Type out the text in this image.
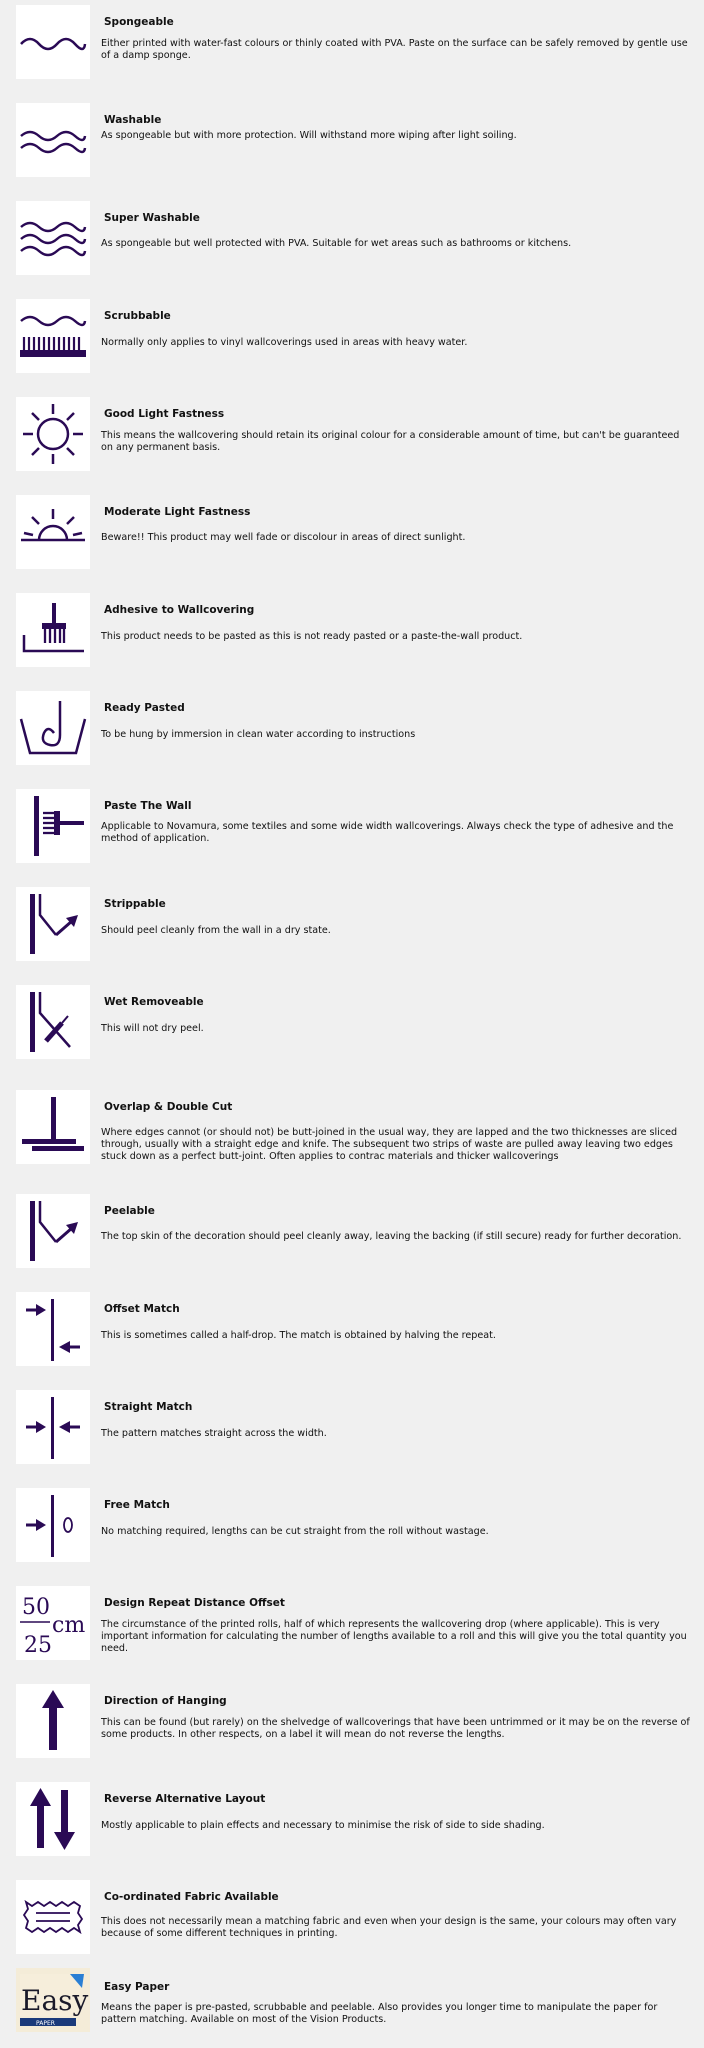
Spongeable
Either printed with water-fast colours or thinly coated with PVA. Paste on the surface can be safely removed by gentle use of a damp sponge.
Washable
As spongeable but with more protection. Will withstand more wiping after light soiling.
Super Washable
As spongeable but well protected with PVA. Suitable for wet areas such as bathrooms or kitchens.
Scrubbable
Normally only applies to vinyl wallcoverings used in areas with heavy water.
Good Light Fastness
This means the wallcovering should retain its original colour for a considerable amount of time, but can't be guaranteed on any permanent basis.
Moderate Light Fastness
Beware!! This product may well fade or discolour in areas of direct sunlight.
Adhesive to Wallcovering
This product needs to be pasted as this is not ready pasted or a paste-the-wall product.
Ready Pasted
To be hung by immersion in clean water according to instructions
Paste The Wall
Applicable to Novamura, some textiles and some wide width wallcoverings. Always check the type of adhesive and the method of application.
Strippable
Should peel cleanly from the wall in a dry state.
Wet Removeable
This will not dry peel.
Overlap & Double Cut
Where edges cannot (or should not) be butt-joined in the usual way, they are lapped and the two thicknesses are sliced through, usually with a straight edge and knife. The subsequent two strips of waste are pulled away leaving two edges stuck down as a perfect butt-joint. Often applies to contrac materials and thicker wallcoverings
Peelable
The top skin of the decoration should peel cleanly away, leaving the backing (if still secure) ready for further decoration.
Offset Match
This is sometimes called a half-drop. The match is obtained by halving the repeat.
Straight Match
The pattern matches straight across the width.
Free Match
No matching required, lengths can be cut straight from the roll without wastage.
50
25
cm
Design Repeat Distance Offset
The circumstance of the printed rolls, half of which represents the wallcovering drop (where applicable). This is very important information for calculating the number of lengths available to a roll and this will give you the total quantity you need.
Direction of Hanging
This can be found (but rarely) on the shelvedge of wallcoverings that have been untrimmed or it may be on the reverse of some products. In other respects, on a label it will mean do not reverse the lengths.
Reverse Alternative Layout
Mostly applicable to plain effects and necessary to minimise the risk of side to side shading.
Co-ordinated Fabric Available
This does not necessarily mean a matching fabric and even when your design is the same, your colours may often vary because of some different techniques in printing.
Easy
PAPER
Easy Paper
Means the paper is pre-pasted, scrubbable and peelable. Also provides you longer time to manipulate the paper for pattern matching. Available on most of the Vision Products.
